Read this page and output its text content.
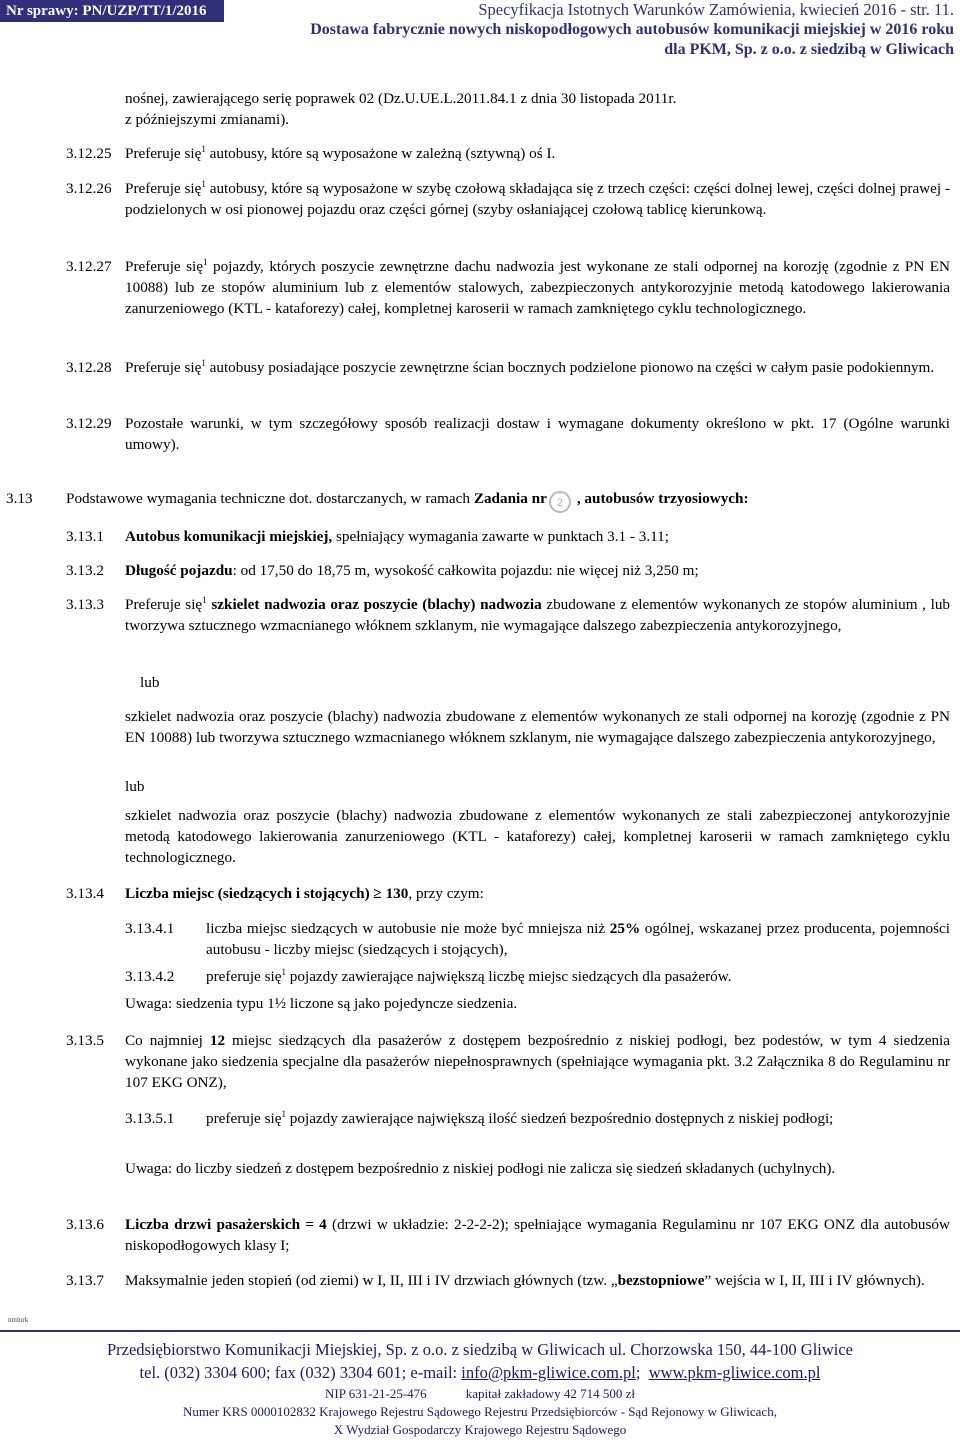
Nr sprawy: PN/UZP/TT/1/2016	Specyfikacja Istotnych Warunków Zamówienia, kwiecień 2016 - str. 11.
Dostawa fabrycznie nowych niskopodłogowych autobusów komunikacji miejskiej w 2016 roku
dla PKM, Sp. z o.o. z siedzibą w Gliwicach
nośnej, zawierającego serię poprawek 02 (Dz.U.UE.L.2011.84.1 z dnia 30 listopada 2011r.
z późniejszymi zmianami).
3.12.25 Preferuje się$^1$ autobusy, które są wyposażone w zależną (sztywną) oś I.
3.12.26 Preferuje się$^1$ autobusy, które są wyposażone w szybę czołową składająca się z trzech części: części dolnej lewej, części dolnej prawej -podzielonych w osi pionowej pojazdu oraz części górnej (szyby osłaniającej czołową tablicę kierunkową.
3.12.27 Preferuje się$^1$ pojazdy, których poszycie zewnętrzne dachu nadwozia jest wykonane ze stali odpornej na korozję (zgodnie z PN EN 10088) lub ze stopów aluminium lub z elementów stalowych, zabezpieczonych antykorozyjnie metodą katodowego lakierowania zanurzeniowego (KTL - kataforezy) całej, kompletnej karoserii w ramach zamkniętego cyklu technologicznego.
3.12.28 Preferuje się$^1$ autobusy posiadające poszycie zewnętrzne ścian bocznych podzielone pionowo na części w całym pasie podokiennym.
3.12.29 Pozostałe warunki, w tym szczegółowy sposób realizacji dostaw i wymagane dokumenty określono w pkt. 17 (Ogólne warunki umowy).
3.13 Podstawowe wymagania techniczne dot. dostarczanych, w ramach Zadania nr 2 , autobusów trzyosiowych:
3.13.1 Autobus komunikacji miejskiej, spełniający wymagania zawarte w punktach 3.1 - 3.11;
3.13.2 Długość pojazdu: od 17,50 do 18,75 m, wysokość całkowita pojazdu: nie więcej niż 3,250 m;
3.13.3 Preferuje się$^1$ szkielet nadwozia oraz poszycie (blachy) nadwozia zbudowane z elementów wykonanych ze stopów aluminium , lub tworzywa sztucznego wzmacnianego włóknem szklanym, nie wymagające dalszego zabezpieczenia antykorozyjnego,
lub
szkielet nadwozia oraz poszycie (blachy) nadwozia zbudowane z elementów wykonanych ze stali odpornej na korozję (zgodnie z PN EN 10088) lub tworzywa sztucznego wzmacnianego włóknem szklanym, nie wymagające dalszego zabezpieczenia antykorozyjnego,
lub
szkielet nadwozia oraz poszycie (blachy) nadwozia zbudowane z elementów wykonanych ze stali zabezpieczonej antykorozyjnie metodą katodowego lakierowania zanurzeniowego (KTL - kataforezy) całej, kompletnej karoserii w ramach zamkniętego cyklu technologicznego.
3.13.4 Liczba miejsc (siedzących i stojących) ≥ 130, przy czym:
3.13.4.1 liczba miejsc siedzących w autobusie nie może być mniejsza niż 25% ogólnej, wskazanej przez producenta, pojemności autobusu - liczby miejsc (siedzących i stojących),
3.13.4.2 preferuje się$^1$ pojazdy zawierające największą liczbę miejsc siedzących dla pasażerów.
Uwaga: siedzenia typu 1½ liczone są jako pojedyncze siedzenia.
3.13.5 Co najmniej 12 miejsc siedzących dla pasażerów z dostępem bezpośrednio z niskiej podłogi, bez podestów, w tym 4 siedzenia wykonane jako siedzenia specjalne dla pasażerów niepełnosprawnych (spełniające wymagania pkt. 3.2 Załącznika 8 do Regulaminu nr 107 EKG ONZ),
3.13.5.1 preferuje się$^1$ pojazdy zawierające największą ilość siedzeń bezpośrednio dostępnych z niskiej podłogi;
Uwaga: do liczby siedzeń z dostępem bezpośrednio z niskiej podłogi nie zalicza się siedzeń składanych (uchylnych).
3.13.6 Liczba drzwi pasażerskich = 4 (drzwi w układzie: 2-2-2-2); spełniające wymagania Regulaminu nr 107 EKG ONZ dla autobusów niskopodłogowych klasy I;
3.13.7 Maksymalnie jeden stopień (od ziemi) w I, II, III i IV drzwiach głównych (tzw. „bezstopniowe” wejścia w I, II, III i IV głównych).
nmlnrk
Przedsiębiorstwo Komunikacji Miejskiej, Sp. z o.o. z siedzibą w Gliwicach ul. Chorzowska 150, 44-100 Gliwice
tel. (032) 3304 600; fax (032) 3304 601; e-mail: info@pkm-gliwice.com.pl; www.pkm-gliwice.com.pl
NIP 631-21-25-476	kapitał zakładowy 42 714 500 zł
Numer KRS 0000102832 Krajowego Rejestru Sądowego Rejestru Przedsiębiorców - Sąd Rejonowy w Gliwicach,
X Wydział Gospodarczy Krajowego Rejestru Sądowego
